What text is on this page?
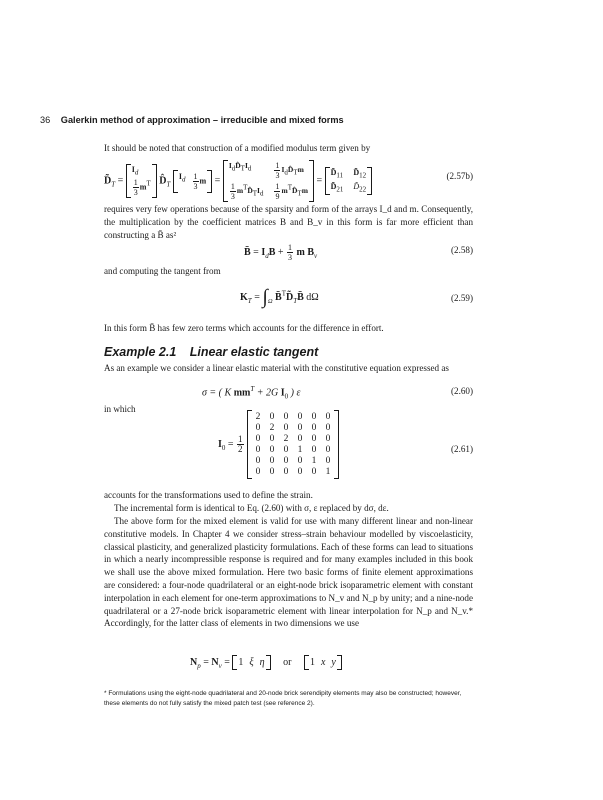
36 Galerkin method of approximation – irreducible and mixed forms
It should be noted that construction of a modified modulus term given by
$D̃_T$ =
Id
$\frac{1}{3}$ mT $D̂_T$
Id $\frac{1}{3}$ m =
IdD̂TId	$\frac{1}{3}$ IdD̂Tm
$\frac{1}{3}$ mTD̂TId $\frac{1}{9}$ mTD̂Tm
=
D̃11 D̃12
D̃21 D̃22
(2.57b)
requires very few operations because of the sparsity and form of the arrays I_d and m. Consequently, the multiplication by the coefficient matrices B and B_v in this form is far more efficient than constructing a B̄ as²
B̄ = $I_dB + \frac{1}{3}$ m $B_v$
(2.58)
and computing the tangent from
$K_T = \int_\Omega$ $B̄^TD̃_TB̄$ dΩ	(2.59)
In this form B̄ has few zero terms which accounts for the difference in effort.
Example 2.1 Linear elastic tangent
As an example we consider a linear elastic material with the constitutive equation expressed as
σ = ( K $mm^T + 2G$ $I_0$ ) ε	(2.60)
in which
$I_0 = \frac{1}{2}$

2 0 0 0 0 0
0 2 0 0 0 0
0 0 2 0 0 0
0 0 0 1 0 0
0 0 0 0 1 0
0 0 0 0 0 1
(2.61)
accounts for the transformations used to define the strain.
The incremental form is identical to Eq. (2.60) with σ, ε replaced by dσ, dε.
The above form for the mixed element is valid for use with many different linear and non-linear constitutive models. In Chapter 4 we consider stress–strain behaviour modelled by viscoelasticity, classical plasticity, and generalized plasticity formulations. Each of these forms can lead to situations in which a nearly incompressible response is required and for many examples included in this book we shall use the above mixed formulation. Here two basic forms of finite element approximations are considered: a four-node quadrilateral or an eight-node brick isoparametric element with constant interpolation in each element for one-term approximations to N_v and N_p by unity; and a nine-node quadrilateral or a 27-node brick isoparametric element with linear interpolation for N_p and N_v.* Accordingly, for the latter class of elements in two dimensions we use
$N_p = N_v = 1$ ξ η or 1 x y
* Formulations using the eight-node quadrilateral and 20-node brick serendipity elements may also be constructed; however, these elements do not fully satisfy the mixed patch test (see reference 2).
